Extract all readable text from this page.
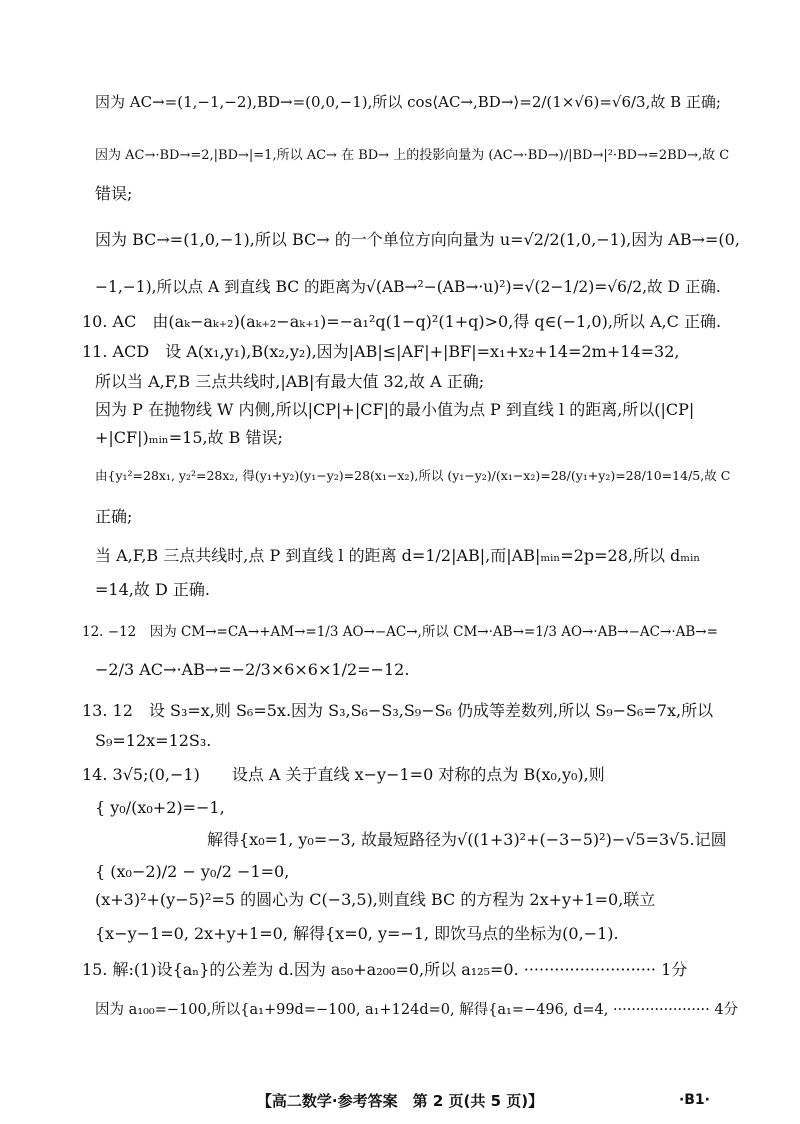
因为 AC→=(1,−1,−2),BD→=(0,0,−1),所以 cos⟨AC→,BD→⟩=2/(1×√6)=√6/3,故 B 正确;
因为 AC→·BD→=2,|BD→|=1,所以 AC→ 在 BD→ 上的投影向量为 (AC→·BD→)/|BD→|²·BD→=2BD→,故 C
错误;
因为 BC→=(1,0,−1),所以 BC→ 的一个单位方向向量为 u=√2/2(1,0,−1),因为 AB→=(0,
−1,−1),所以点 A 到直线 BC 的距离为√(AB→²−(AB→·u)²)=√(2−1/2)=√6/2,故 D 正确.
10. AC　由(aₖ−aₖ₊₂)(aₖ₊₂−aₖ₊₁)=−a₁²q(1−q)²(1+q)>0,得 q∈(−1,0),所以 A,C 正确.
11. ACD　设 A(x₁,y₁),B(x₂,y₂),因为|AB|≤|AF|+|BF|=x₁+x₂+14=2m+14=32,
所以当 A,F,B 三点共线时,|AB|有最大值 32,故 A 正确;
因为 P 在抛物线 W 内侧,所以|CP|+|CF|的最小值为点 P 到直线 l 的距离,所以(|CP|
+|CF|)ₘᵢₙ=15,故 B 错误;
由{y₁²=28x₁, y₂²=28x₂, 得(y₁+y₂)(y₁−y₂)=28(x₁−x₂),所以 (y₁−y₂)/(x₁−x₂)=28/(y₁+y₂)=28/10=14/5,故 C
正确;
当 A,F,B 三点共线时,点 P 到直线 l 的距离 d=1/2|AB|,而|AB|ₘᵢₙ=2p=28,所以 dₘᵢₙ
=14,故 D 正确.
12. −12　因为 CM→=CA→+AM→=1/3 AO→−AC→,所以 CM→·AB→=1/3 AO→·AB→−AC→·AB→=
−2/3 AC→·AB→=−2/3×6×6×1/2=−12.
13. 12　设 S₃=x,则 S₆=5x.因为 S₃,S₆−S₃,S₉−S₆ 仍成等差数列,所以 S₉−S₆=7x,所以
S₉=12x=12S₃.
14. 3√5;(0,−1)　　设点 A 关于直线 x−y−1=0 对称的点为 B(x₀,y₀),则
{ y₀/(x₀+2)=−1,
　　　　　　　解得{x₀=1, y₀=−3, 故最短路径为√((1+3)²+(−3−5)²)−√5=3√5.记圆
{ (x₀−2)/2 − y₀/2 −1=0,
(x+3)²+(y−5)²=5 的圆心为 C(−3,5),则直线 BC 的方程为 2x+y+1=0,联立
{x−y−1=0, 2x+y+1=0, 解得{x=0, y=−1, 即饮马点的坐标为(0,−1).
15. 解:(1)设{aₙ}的公差为 d.因为 a₅₀+a₂₀₀=0,所以 a₁₂₅=0. ·························· 1分
因为 a₁₀₀=−100,所以{a₁+99d=−100, a₁+124d=0, 解得{a₁=−496, d=4, ····················· 4分
【高二数学·参考答案　第 2 页(共 5 页)】	·B1·
